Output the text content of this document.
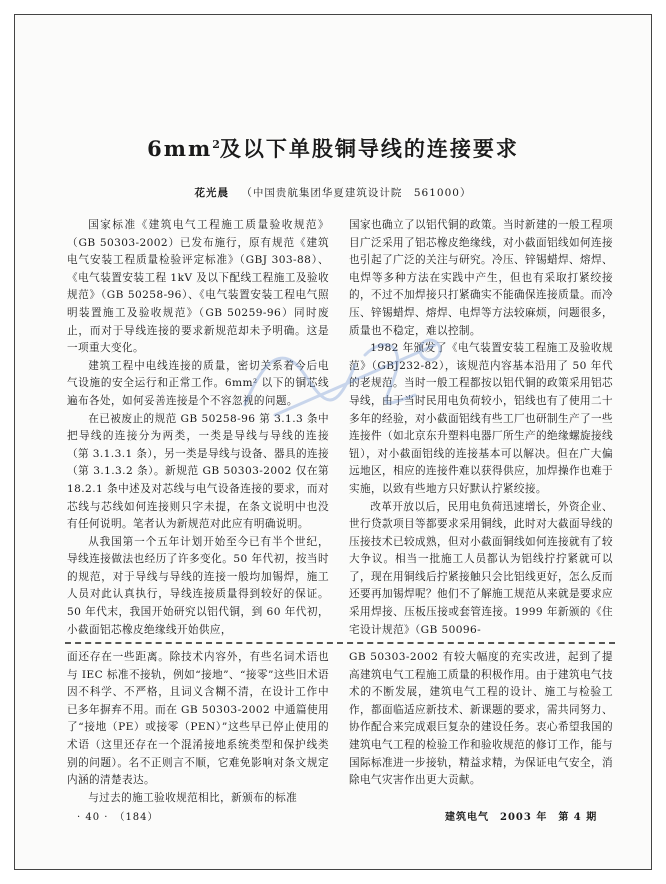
$6mm^2$及以下单股铜导线的连接要求
花光晨 （中国贵航集团华夏建筑设计院　561000）

国家标准《建筑电气工程施工质量验收规范》（GB 50303-2002）已发布施行，原有规范《建筑电气安装工程质量检验评定标准》（GBJ 303-88）、《电气装置安装工程 1kV 及以下配线工程施工及验收规范》（GB 50258-96）、《电气装置安装工程电气照明装置施工及验收规范》（GB 50259-96）同时废止，而对于导线连接的要求新规范却未予明确。这是一项重大变化。

建筑工程中电线连接的质量，密切关系着今后电气设施的安全运行和正常工作。6mm² 以下的铜芯线遍布各处，如何妥善连接是个不容忽视的问题。

在已被废止的规范 GB 50258-96 第 3.1.3 条中把导线的连接分为两类，一类是导线与导线的连接（第 3.1.3.1 条），另一类是导线与设备、器具的连接（第 3.1.3.2 条）。新规范 GB 50303-2002 仅在第 18.2.1 条中述及对芯线与电气设备连接的要求，而对芯线与芯线如何连接则只字未提，在条文说明中也没有任何说明。笔者认为新规范对此应有明确说明。

从我国第一个五年计划开始至今已有半个世纪，导线连接做法也经历了许多变化。50 年代初，按当时的规范，对于导线与导线的连接一般均加锡焊，施工人员对此认真执行，导线连接质量得到较好的保证。50 年代末，我国开始研究以铝代铜，到 60 年代初，小截面铝芯橡皮绝缘线开始供应，

国家也确立了以铝代铜的政策。当时新建的一般工程项目广泛采用了铝芯橡皮绝缘线，对小截面铝线如何连接也引起了广泛的关注与研究。冷压、锌锡蜡焊、熔焊、电焊等多种方法在实践中产生，但也有采取打紧绞接的，不过不加焊接只打紧确实不能确保连接质量。而冷压、锌锡蜡焊、熔焊、电焊等方法较麻烦，问题很多，质量也不稳定，难以控制。

1982 年颁发了《电气装置安装工程施工及验收规范》（GBJ232-82），该规范内容基本沿用了 50 年代的老规范。当时一般工程都按以铝代铜的政策采用铝芯导线，由于当时民用电负荷较小，铝线也有了使用二十多年的经验，对小截面铝线有些工厂也研制生产了一些连接件（如北京东升塑料电器厂所生产的绝缘螺旋接线钮），对小截面铝线的连接基本可以解决。但在广大偏远地区，相应的连接件难以获得供应，加焊操作也难于实施，以致有些地方只好默认拧紧绞接。

改革开放以后，民用电负荷迅速增长，外资企业、世行贷款项目等都要求采用铜线，此时对大截面导线的压接技术已较成熟，但对小截面铜线如何连接就有了较大争议。相当一批施工人员都认为铝线拧拧紧就可以了，现在用铜线后拧紧接触只会比铝线更好，怎么反而还要再加锡焊呢？他们不了解施工规范从来就是要求应采用焊接、压板压接或套管连接。1999 年新颁的《住宅设计规范》（GB 50096-

面还存在一些距离。除技术内容外，有些名词术语也与 IEC 标准不接轨，例如“接地”、“接零”这些旧术语因不科学、不严格，且词义含糊不清，在设计工作中已多年摒弃不用。而在 GB 50303-2002 中通篇使用了“接地（PE）或接零（PEN）”这些早已停止使用的术语（这里还存在一个混淆接地系统类型和保护线类别的问题）。名不正则言不顺，它难免影响对条文规定内涵的清楚表达。

与过去的施工验收规范相比，新颁布的标准

GB 50303-2002 有较大幅度的充实改进，起到了提高建筑电气工程施工质量的积极作用。由于建筑电气技术的不断发展，建筑电气工程的设计、施工与检验工作，都面临适应新技术、新课题的要求，需共同努力、协作配合来完成艰巨复杂的建设任务。衷心希望我国的建筑电气工程的检验工作和验收规范的修订工作，能与国际标准进一步接轨，精益求精，为保证电气安全，消除电气灾害作出更大贡献。

· 40 ·　（184）	建筑电气　2003 年　第 4 期
